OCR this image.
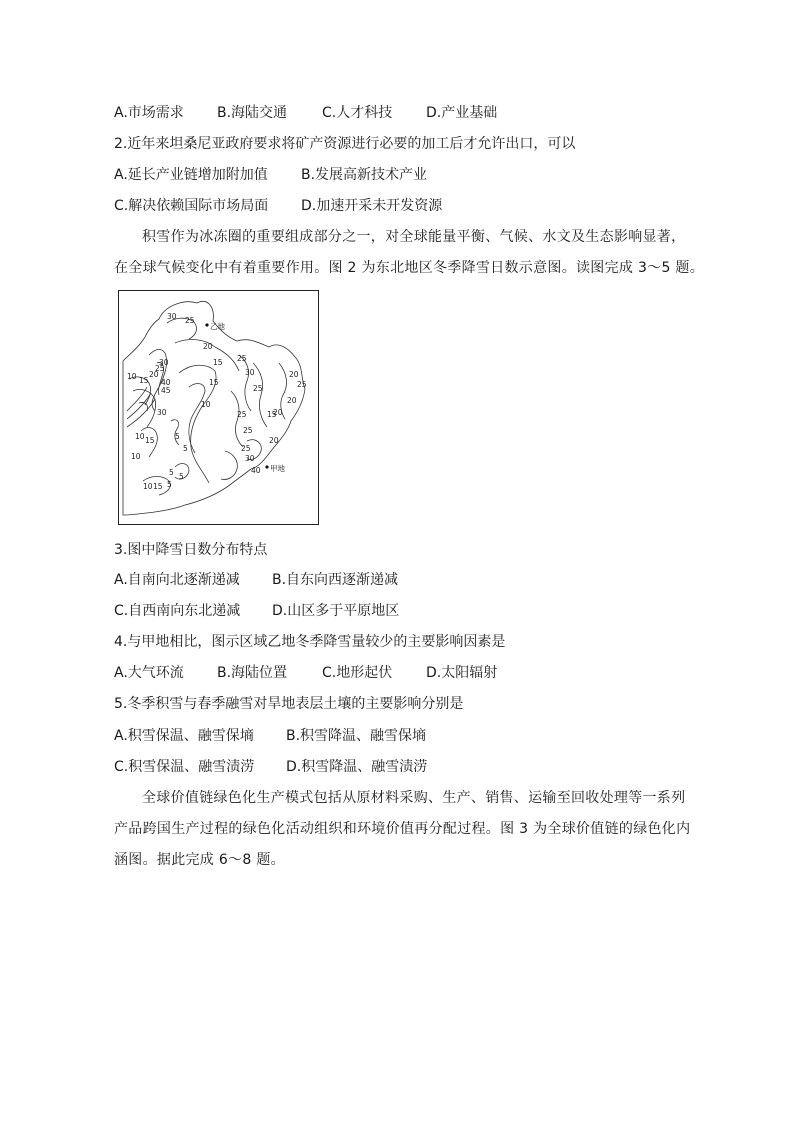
A.市场需求 B.海陆交通 C.人才科技 D.产业基础
2.近年来坦桑尼亚政府要求将矿产资源进行必要的加工后才允许出口，可以
A.延长产业链增加附加值 B.发展高新技术产业
C.解决依赖国际市场局面 D.加速开采未开发资源
积雪作为冰冻圈的重要组成部分之一，对全球能量平衡、气候、水文及生态影响显著，
在全球气候变化中有着重要作用。图 2 为东北地区冬季降雪日数示意图。读图完成 3～5 题。
乙地
甲地
30 25
20
25
30	20
25
20
20
25
10 15
20
25
30
40
45
15
10
10 15	5
5
5
10 15 5
25
25
15
30
40
30
25
20
15
10
5
3.图中降雪日数分布特点
A.自南向北逐渐递减 B.自东向西逐渐递减
C.自西南向东北递减 D.山区多于平原地区
4.与甲地相比，图示区域乙地冬季降雪量较少的主要影响因素是
A.大气环流 B.海陆位置 C.地形起伏 D.太阳辐射
5.冬季积雪与春季融雪对旱地表层土壤的主要影响分别是
A.积雪保温、融雪保墒 B.积雪降温、融雪保墒
C.积雪保温、融雪渍涝 D.积雪降温、融雪渍涝
全球价值链绿色化生产模式包括从原材料采购、生产、销售、运输至回收处理等一系列
产品跨国生产过程的绿色化活动组织和环境价值再分配过程。图 3 为全球价值链的绿色化内
涵图。据此完成 6～8 题。
